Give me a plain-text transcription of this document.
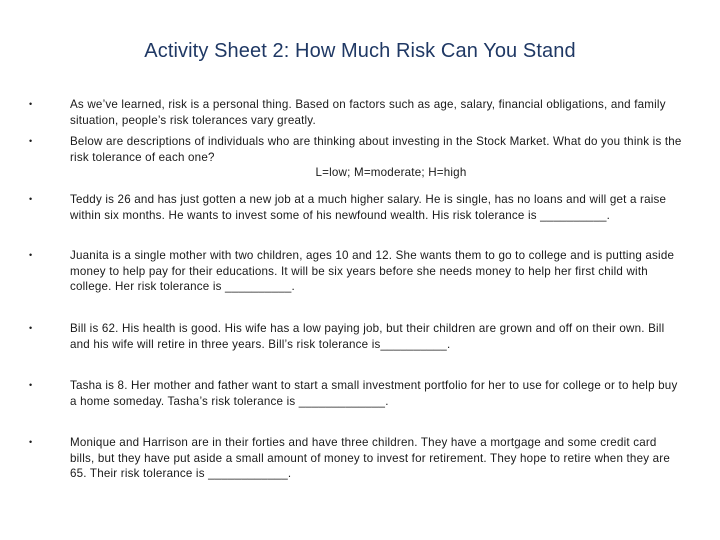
Activity Sheet 2: How Much Risk Can You Stand
•	As we’ve learned, risk is a personal thing. Based on factors such as age, salary, financial obligations, and family situation, people’s risk tolerances vary greatly.
•	Below are descriptions of individuals who are thinking about investing in the Stock Market. What do you think is the risk tolerance of each one?
L=low; M=moderate; H=high
•	Teddy is 26 and has just gotten a new job at a much higher salary. He is single, has no loans and will get a raise within six months. He wants to invest some of his newfound wealth. His risk tolerance is __________.
•	Juanita is a single mother with two children, ages 10 and 12. She wants them to go to college and is putting aside money to help pay for their educations. It will be six years before she needs money to help her first child with college. Her risk tolerance is __________.
•	Bill is 62. His health is good. His wife has a low paying job, but their children are grown and off on their own. Bill and his wife will retire in three years. Bill’s risk tolerance is__________.
•	Tasha is 8. Her mother and father want to start a small investment portfolio for her to use for college or to help buy a home someday. Tasha’s risk tolerance is _____________.
•	Monique and Harrison are in their forties and have three children. They have a mortgage and some credit card bills, but they have put aside a small amount of money to invest for retirement. They hope to retire when they are 65. Their risk tolerance is ____________.
